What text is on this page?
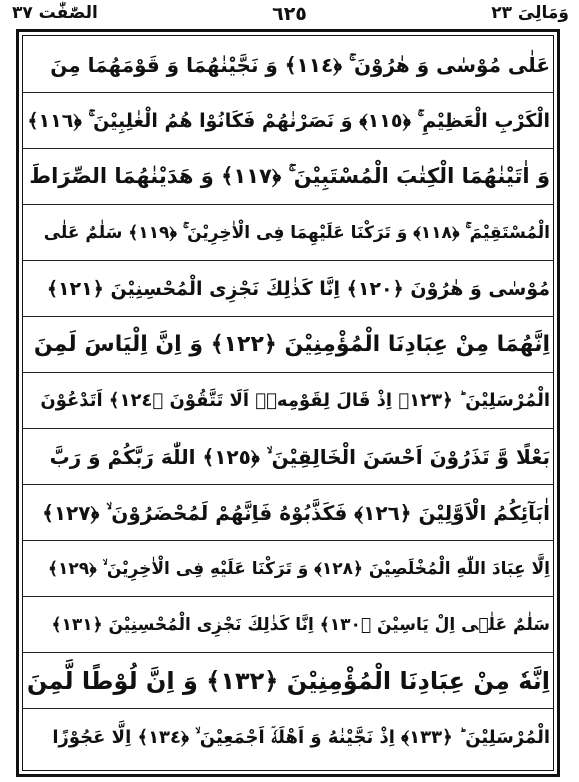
الصّٰفّٰت ٣٧	٦٢٥	وَمَالِیَ ٢٣
عَلٰی مُوْسٰی وَ هٰرُوْنَ ۚ ﴿١١٤﴾ وَ نَجَّیْنٰهُمَا وَ قَوْمَهُمَا مِنَ
الْكَرْبِ الْعَظِیْمِ ۚ ﴿١١٥﴾ وَ نَصَرْنٰهُمْ فَكَانُوْا هُمُ الْغٰلِبِیْنَ ۚ ﴿١١٦﴾
وَ اٰتَیْنٰهُمَا الْكِتٰبَ الْمُسْتَبِیْنَ ۚ ﴿١١٧﴾ وَ هَدَیْنٰهُمَا الصِّرَاطَ
الْمُسْتَقِیْمَ ۚ ﴿١١٨﴾ وَ تَرَكْنَا عَلَیْهِمَا فِی الْاٰخِرِیْنَ ۚ ﴿١١٩﴾ سَلٰمٌ عَلٰی
مُوْسٰی وَ هٰرُوْنَ ﴿١٢٠﴾ اِنَّا كَذٰلِكَ نَجْزِی الْمُحْسِنِیْنَ ﴿١٢١﴾
اِنَّهُمَا مِنْ عِبَادِنَا الْمُؤْمِنِیْنَ ﴿١٢٢﴾ وَ اِنَّ اِلْیَاسَ لَمِنَ
الْمُرْسَلِیْنَ ؕ ﴿١٢٣﴾ اِذْ قَالَ لِقَوْمِهٖۤ اَلَا تَتَّقُوْنَ ﴿١٢٤﴾ اَتَدْعُوْنَ
بَعْلًا وَّ تَذَرُوْنَ اَحْسَنَ الْخَالِقِیْنَ ۙ ﴿١٢٥﴾ اللّٰهَ رَبَّكُمْ وَ رَبَّ
اٰبَآئِكُمُ الْاَوَّلِیْنَ ﴿١٢٦﴾ فَكَذَّبُوْهُ فَاِنَّهُمْ لَمُحْضَرُوْنَ ۙ ﴿١٢٧﴾
اِلَّا عِبَادَ اللّٰهِ الْمُخْلَصِیْنَ ﴿١٢٨﴾ وَ تَرَكْنَا عَلَیْهِ فِی الْاٰخِرِیْنَ ۙ ﴿١٢٩﴾
سَلٰمٌ عَلٰۤی اِلْ یَاسِیْنَ ﴿١٣٠﴾ اِنَّا كَذٰلِكَ نَجْزِی الْمُحْسِنِیْنَ ﴿١٣١﴾
اِنَّهٗ مِنْ عِبَادِنَا الْمُؤْمِنِیْنَ ﴿١٣٢﴾ وَ اِنَّ لُوْطًا لَّمِنَ
الْمُرْسَلِیْنَ ؕ ﴿١٣٣﴾ اِذْ نَجَّیْنٰهُ وَ اَهْلَهٗۤ اَجْمَعِیْنَ ۙ ﴿١٣٤﴾ اِلَّا عَجُوْزًا
